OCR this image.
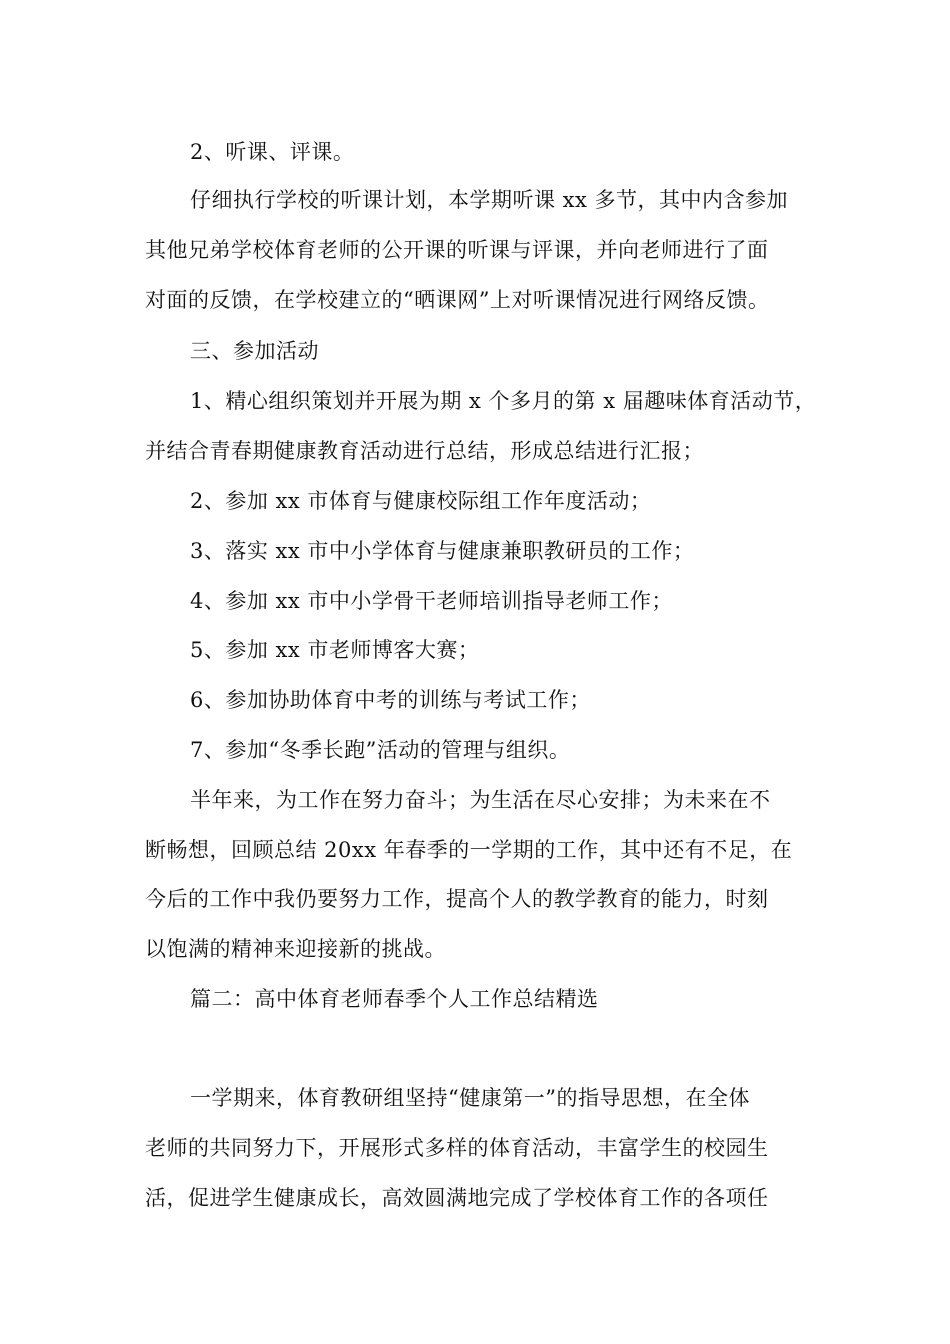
2、听课、评课。
仔细执行学校的听课计划，本学期听课 xx 多节，其中内含参加
其他兄弟学校体育老师的公开课的听课与评课，并向老师进行了面
对面的反馈，在学校建立的“晒课网”上对听课情况进行网络反馈。
三、参加活动
1、精心组织策划并开展为期 x 个多月的第 x 届趣味体育活动节，
并结合青春期健康教育活动进行总结，形成总结进行汇报；
2、参加 xx 市体育与健康校际组工作年度活动；
3、落实 xx 市中小学体育与健康兼职教研员的工作；
4、参加 xx 市中小学骨干老师培训指导老师工作；
5、参加 xx 市老师博客大赛；
6、参加协助体育中考的训练与考试工作；
7、参加“冬季长跑”活动的管理与组织。
半年来，为工作在努力奋斗；为生活在尽心安排；为未来在不
断畅想，回顾总结 20xx 年春季的一学期的工作，其中还有不足，在
今后的工作中我仍要努力工作，提高个人的教学教育的能力，时刻
以饱满的精神来迎接新的挑战。
篇二：高中体育老师春季个人工作总结精选
一学期来，体育教研组坚持“健康第一”的指导思想，在全体
老师的共同努力下，开展形式多样的体育活动，丰富学生的校园生
活，促进学生健康成长，高效圆满地完成了学校体育工作的各项任
